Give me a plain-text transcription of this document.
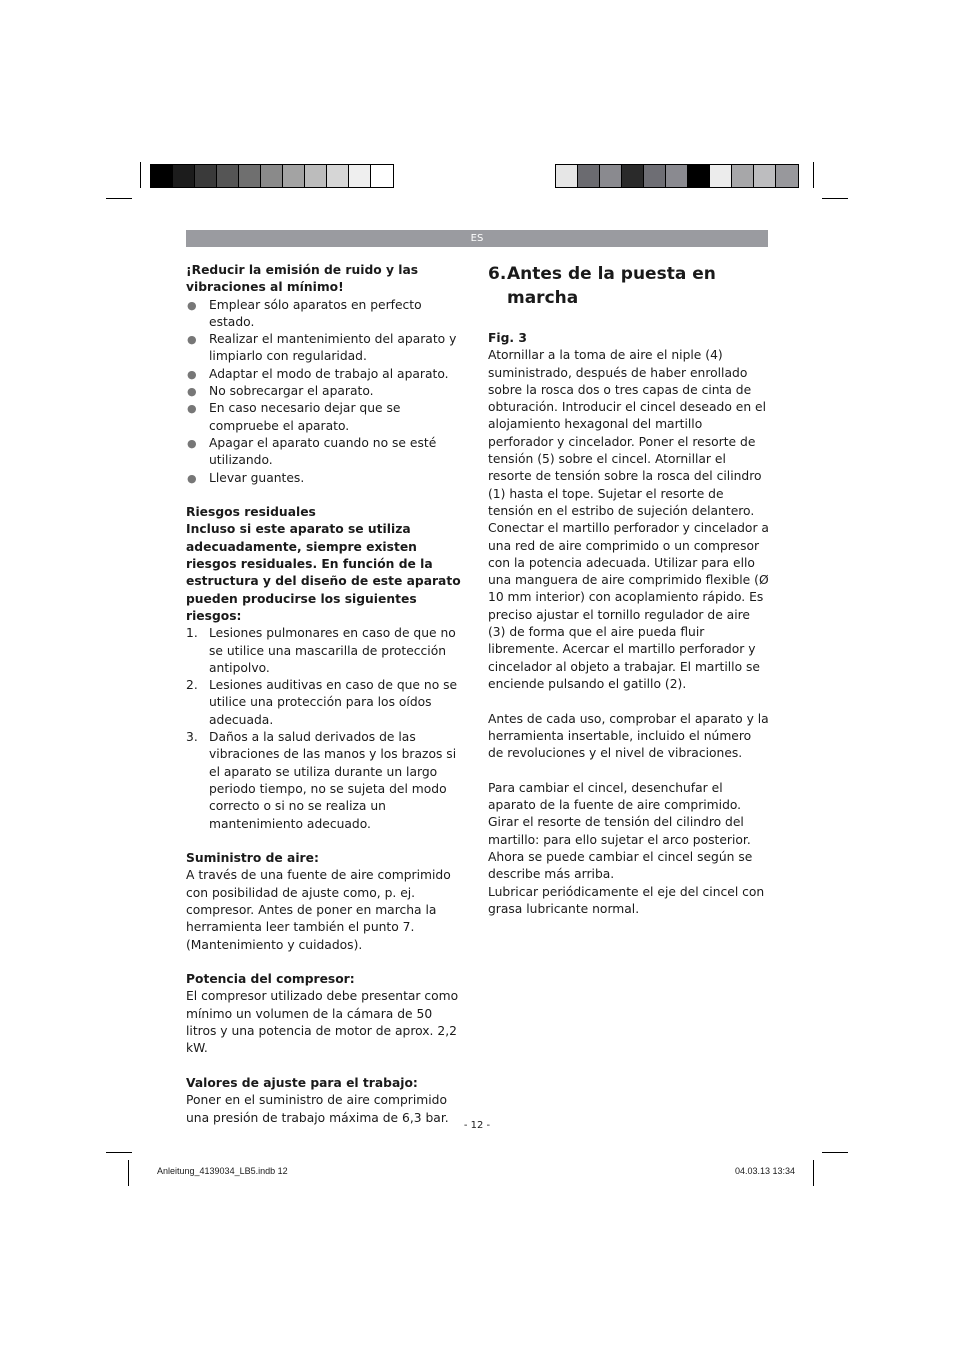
ES

¡Reducir la emisión de ruido y las vibraciones al mínimo!

● Emplear sólo aparatos en perfecto estado.
● Realizar el mantenimiento del aparato y limpiarlo con regularidad.
● Adaptar el modo de trabajo al aparato.
● No sobrecargar el aparato.
● En caso necesario dejar que se compruebe el aparato.
● Apagar el aparato cuando no se esté utilizando.
● Llevar guantes.

Riesgos residuales

Incluso si este aparato se utiliza adecuadamente, siempre existen riesgos residuales. En función de la estructura y del diseño de este aparato pueden producirse los siguientes riesgos:

1. Lesiones pulmonares en caso de que no se utilice una mascarilla de protección antipolvo.
2. Lesiones auditivas en caso de que no se utilice una protección para los oídos adecuada.
3. Daños a la salud derivados de las vibraciones de las manos y los brazos si el aparato se utiliza durante un largo periodo tiempo, no se sujeta del modo correcto o si no se realiza un mantenimiento adecuado.

Suministro de aire:

A través de una fuente de aire comprimido con posibilidad de ajuste como, p. ej. compresor. Antes de poner en marcha la herramienta leer también el punto 7. (Mantenimiento y cuidados).

Potencia del compresor:

El compresor utilizado debe presentar como mínimo un volumen de la cámara de 50 litros y una potencia de motor de aprox. 2,2 kW.

Valores de ajuste para el trabajo:

Poner en el suministro de aire comprimido una presión de trabajo máxima de 6,3 bar.

6. Antes de la puesta en marcha

Fig. 3

Atornillar a la toma de aire el niple (4) suministrado, después de haber enrollado sobre la rosca dos o tres capas de cinta de obturación. Introducir el cincel deseado en el alojamiento hexagonal del martillo perforador y cincelador. Poner el resorte de tensión (5) sobre el cincel. Atornillar el resorte de tensión sobre la rosca del cilindro (1) hasta el tope. Sujetar el resorte de tensión en el estribo de sujeción delantero. Conectar el martillo perforador y cincelador a una red de aire comprimido o un compresor con la potencia adecuada. Utilizar para ello una manguera de aire comprimido flexible (Ø 10 mm interior) con acoplamiento rápido. Es preciso ajustar el tornillo regulador de aire (3) de forma que el aire pueda fluir libremente. Acercar el martillo perforador y cincelador al objeto a trabajar. El martillo se enciende pulsando el gatillo (2).

Antes de cada uso, comprobar el aparato y la herramienta insertable, incluido el número de revoluciones y el nivel de vibraciones.

Para cambiar el cincel, desenchufar el aparato de la fuente de aire comprimido. Girar el resorte de tensión del cilindro del martillo: para ello sujetar el arco posterior. Ahora se puede cambiar el cincel según se describe más arriba.

Lubricar periódicamente el eje del cincel con grasa lubricante normal.

- 12 -
Anleitung_4139034_LB5.indb 12	04.03.13 13:34
